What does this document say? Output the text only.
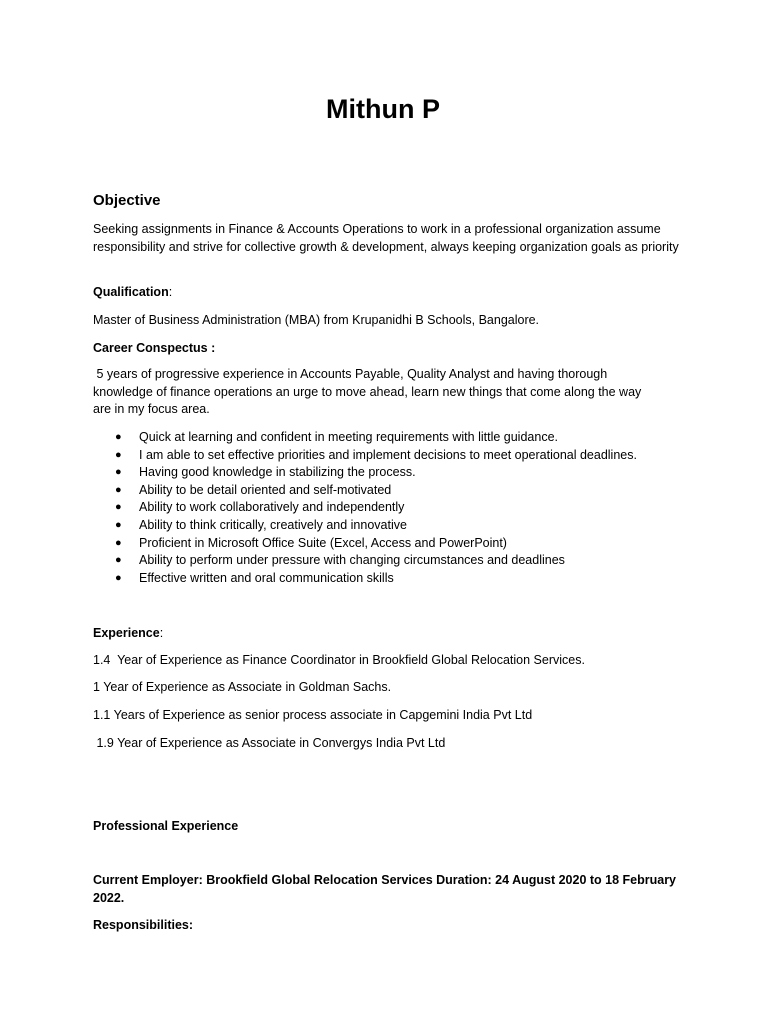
Mithun P
Objective

Seeking assignments in Finance & Accounts Operations to work in a professional organization assume responsibility and strive for collective growth & development, always keeping organization goals as priority

Qualification:

Master of Business Administration (MBA) from Krupanidhi B Schools, Bangalore.

Career Conspectus :

5 years of progressive experience in Accounts Payable, Quality Analyst and having thorough knowledge of finance operations an urge to move ahead, learn new things that come along the way are in my focus area.

● Quick at learning and confident in meeting requirements with little guidance.
● I am able to set effective priorities and implement decisions to meet operational deadlines.
● Having good knowledge in stabilizing the process.
● Ability to be detail oriented and self-motivated
● Ability to work collaboratively and independently
● Ability to think critically, creatively and innovative
● Proficient in Microsoft Office Suite (Excel, Access and PowerPoint)
● Ability to perform under pressure with changing circumstances and deadlines
● Effective written and oral communication skills
Experience:

1.4  Year of Experience as Finance Coordinator in Brookfield Global Relocation Services.

1 Year of Experience as Associate in Goldman Sachs.

1.1 Years of Experience as senior process associate in Capgemini India Pvt Ltd

1.9 Year of Experience as Associate in Convergys India Pvt Ltd

Professional Experience

Current Employer: Brookfield Global Relocation Services Duration: 24 August 2020 to 18 February 2022.

Responsibilities:
